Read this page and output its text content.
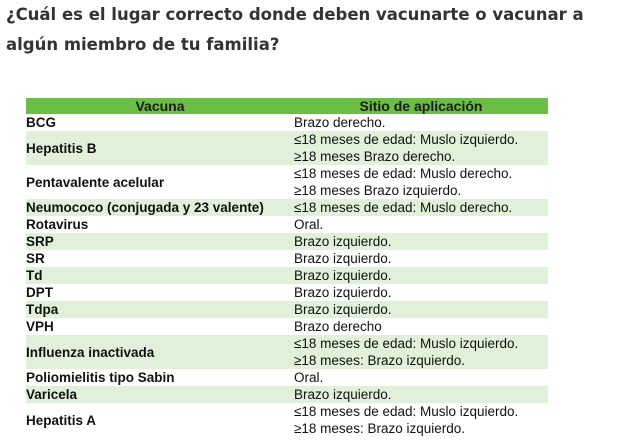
¿Cuál es el lugar correcto donde deben vacunarte o vacunar a algún miembro de tu familia?
Vacuna	Sitio de aplicación
BCG	Brazo derecho.

Hepatitis B	≤18 meses de edad: Muslo izquierdo.
≥18 meses Brazo derecho.

Pentavalente acelular	≤18 meses de edad: Muslo derecho.
≥18 meses Brazo izquierdo.

Neumococo (conjugada y 23 valente)	≤18 meses de edad: Muslo derecho.

Rotavirus	Oral.

SRP	Brazo izquierdo.

SR	Brazo izquierdo.

Td	Brazo izquierdo.

DPT	Brazo izquierdo.

Tdpa	Brazo izquierdo.

VPH	Brazo derecho

Influenza inactivada	≤18 meses de edad: Muslo izquierdo.
≥18 meses: Brazo izquierdo.

Poliomielitis tipo Sabin	Oral.

Varicela	Brazo izquierdo.

Hepatitis A	≤18 meses de edad: Muslo izquierdo.
≥18 meses: Brazo izquierdo.
